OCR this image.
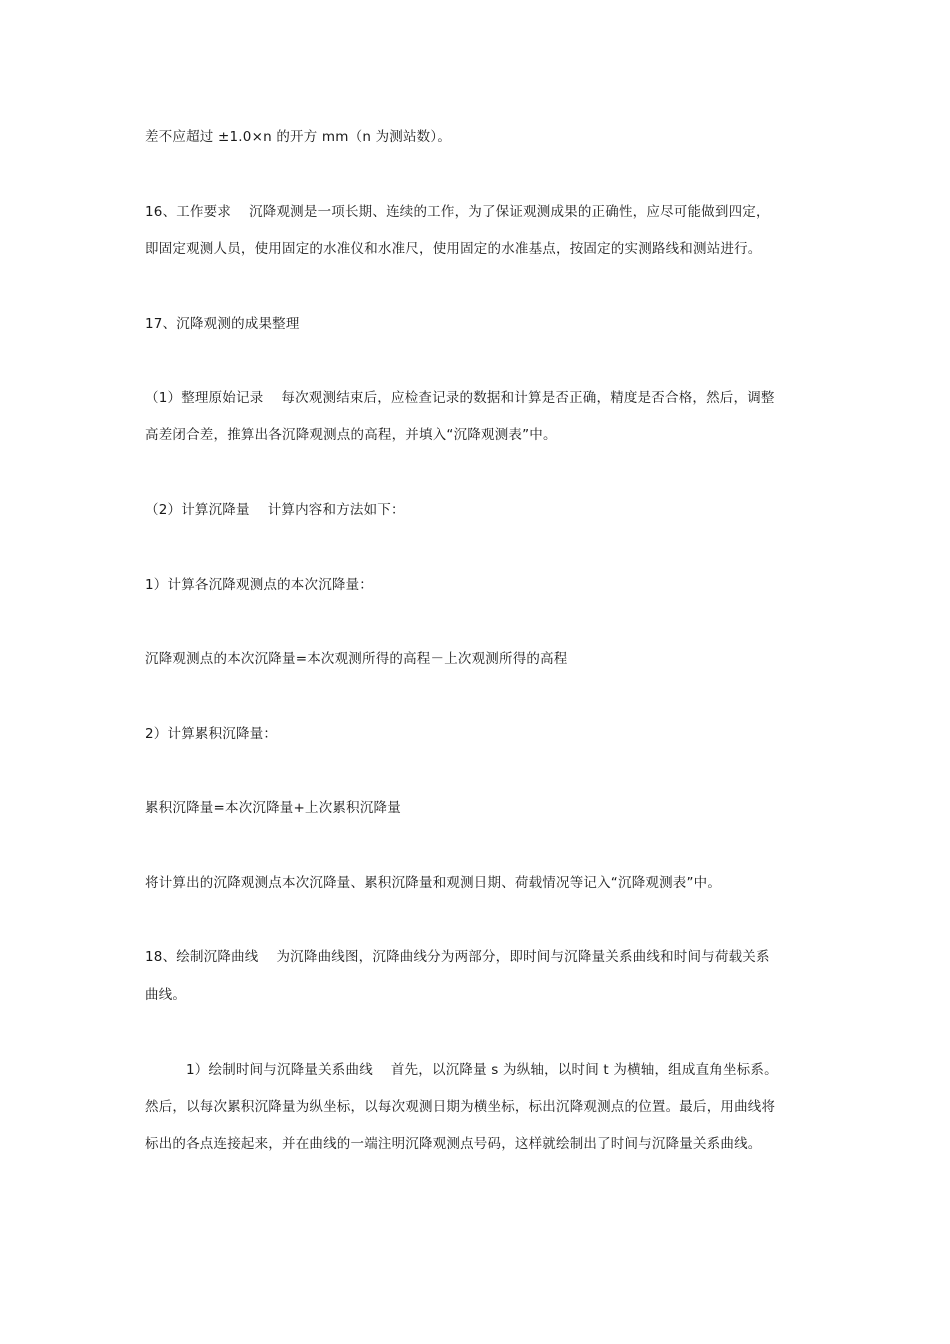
差不应超过 ±1.0×n 的开方 mm（n 为测站数）。
16、工作要求 沉降观测是一项长期、连续的工作，为了保证观测成果的正确性，应尽可能做到四定，
即固定观测人员，使用固定的水准仪和水准尺，使用固定的水准基点，按固定的实测路线和测站进行。
17、沉降观测的成果整理
（1）整理原始记录 每次观测结束后，应检查记录的数据和计算是否正确，精度是否合格，然后，调整
高差闭合差，推算出各沉降观测点的高程，并填入“沉降观测表”中。
（2）计算沉降量 计算内容和方法如下：
1）计算各沉降观测点的本次沉降量：
沉降观测点的本次沉降量=本次观测所得的高程－上次观测所得的高程
2）计算累积沉降量：
累积沉降量=本次沉降量+上次累积沉降量
将计算出的沉降观测点本次沉降量、累积沉降量和观测日期、荷载情况等记入“沉降观测表”中。
18、绘制沉降曲线 为沉降曲线图，沉降曲线分为两部分，即时间与沉降量关系曲线和时间与荷载关系
曲线。
1）绘制时间与沉降量关系曲线 首先，以沉降量 s 为纵轴，以时间 t 为横轴，组成直角坐标系。
然后，以每次累积沉降量为纵坐标，以每次观测日期为横坐标，标出沉降观测点的位置。最后，用曲线将
标出的各点连接起来，并在曲线的一端注明沉降观测点号码，这样就绘制出了时间与沉降量关系曲线。
